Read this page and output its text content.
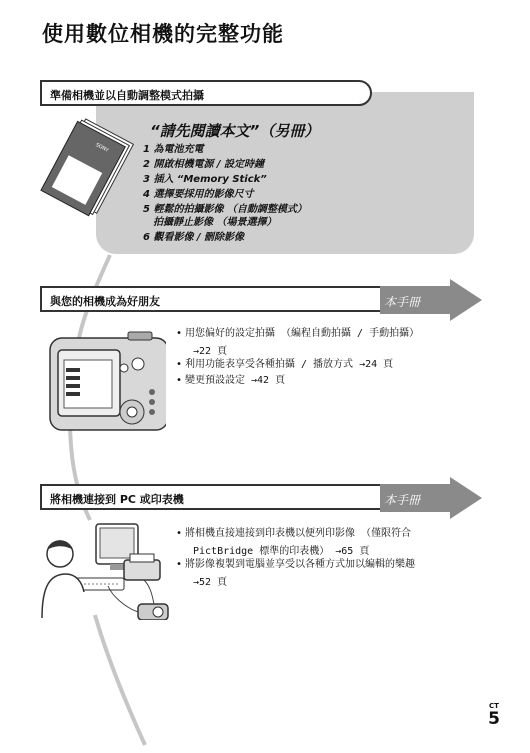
使用數位相機的完整功能
準備相機並以自動調整模式拍攝
SONY
“請先閱讀本文”（另冊）
1 為電池充電
2 開啟相機電源 / 設定時鐘
3 插入 “Memory Stick”
4 選擇要採用的影像尺寸
5 輕鬆的拍攝影像 （自動調整模式）
拍攝靜止影像 （場景選擇）
6 觀看影像 / 刪除影像
與您的相機成為好朋友	本手冊
• 用您偏好的設定拍攝 （編程自動拍攝 / 手動拍攝）
→22 頁
• 利用功能表享受各種拍攝 / 播放方式 →24 頁
• 變更預設設定 →42 頁
將相機連接到 PC 或印表機	本手冊
• 將相機直接連接到印表機以便列印影像 （僅限符合
PictBridge 標準的印表機） →65 頁
• 將影像複製到電腦並享受以各種方式加以編輯的樂趣
→52 頁
CT
5
